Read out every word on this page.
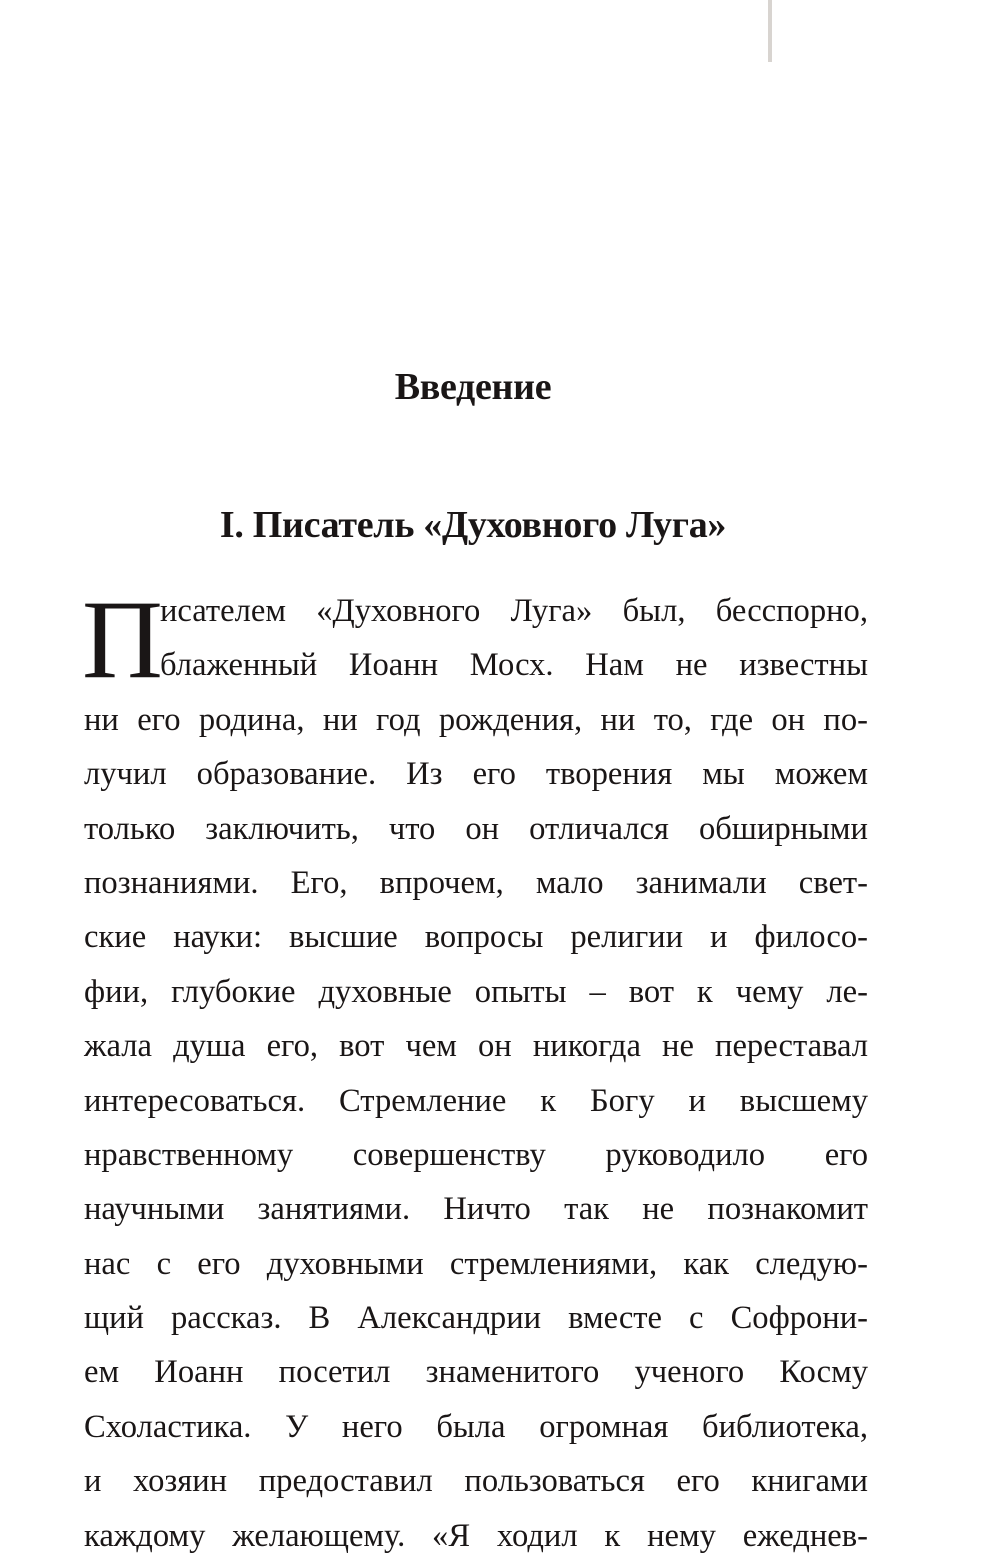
Введение
I. Писатель «Духовного Луга»
П
исателем «Духовного Луга» был, бесспорно,
блаженный Иоанн Мосх. Нам не известны
ни его родина, ни год рождения, ни то, где он по-
лучил образование. Из его творения мы можем
только заключить, что он отличался обширными
познаниями. Его, впрочем, мало занимали свет-
ские науки: высшие вопросы религии и филосо-
фии, глубокие духовные опыты – вот к чему ле-
жала душа его, вот чем он никогда не переставал
интересоваться. Стремление к Богу и высшему
нравственному совершенству руководило его
научными занятиями. Ничто так не познакомит
нас с его духовными стремлениями, как следую-
щий рассказ. В Александрии вместе с Софрони-
ем Иоанн посетил знаменитого ученого Косму
Схоластика. У него была огромная библиотека,
и хозяин предоставил пользоваться его книгами
каждому желающему. «Я ходил к нему ежеднев-
